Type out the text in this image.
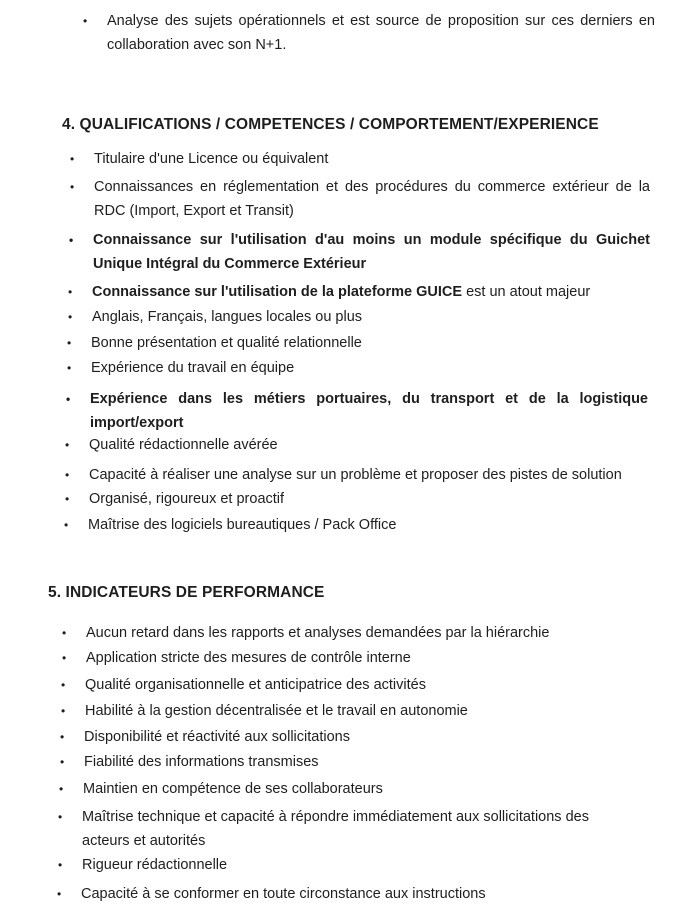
• Analyse des sujets opérationnels et est source de proposition sur ces derniers en collaboration avec son N+1.
4. QUALIFICATIONS / COMPETENCES / COMPORTEMENT/EXPERIENCE
• Titulaire d'une Licence ou équivalent
• Connaissances en réglementation et des procédures du commerce extérieur de la RDC (Import, Export et Transit)
• Connaissance sur l'utilisation d'au moins un module spécifique du Guichet Unique Intégral du Commerce Extérieur
• Connaissance sur l'utilisation de la plateforme GUICE est un atout majeur
• Anglais, Français, langues locales ou plus
• Bonne présentation et qualité relationnelle
• Expérience du travail en équipe
• Expérience dans les métiers portuaires, du transport et de la logistique import/export
• Qualité rédactionnelle avérée
• Capacité à réaliser une analyse sur un problème et proposer des pistes de solution
• Organisé, rigoureux et proactif
• Maîtrise des logiciels bureautiques / Pack Office
5. INDICATEURS DE PERFORMANCE
• Aucun retard dans les rapports et analyses demandées par la hiérarchie
• Application stricte des mesures de contrôle interne
• Qualité organisationnelle et anticipatrice des activités
• Habilité à la gestion décentralisée et le travail en autonomie
• Disponibilité et réactivité aux sollicitations
• Fiabilité des informations transmises
• Maintien en compétence de ses collaborateurs
• Maîtrise technique et capacité à répondre immédiatement aux sollicitations des acteurs et autorités
• Rigueur rédactionnelle
• Capacité à se conformer en toute circonstance aux instructions
